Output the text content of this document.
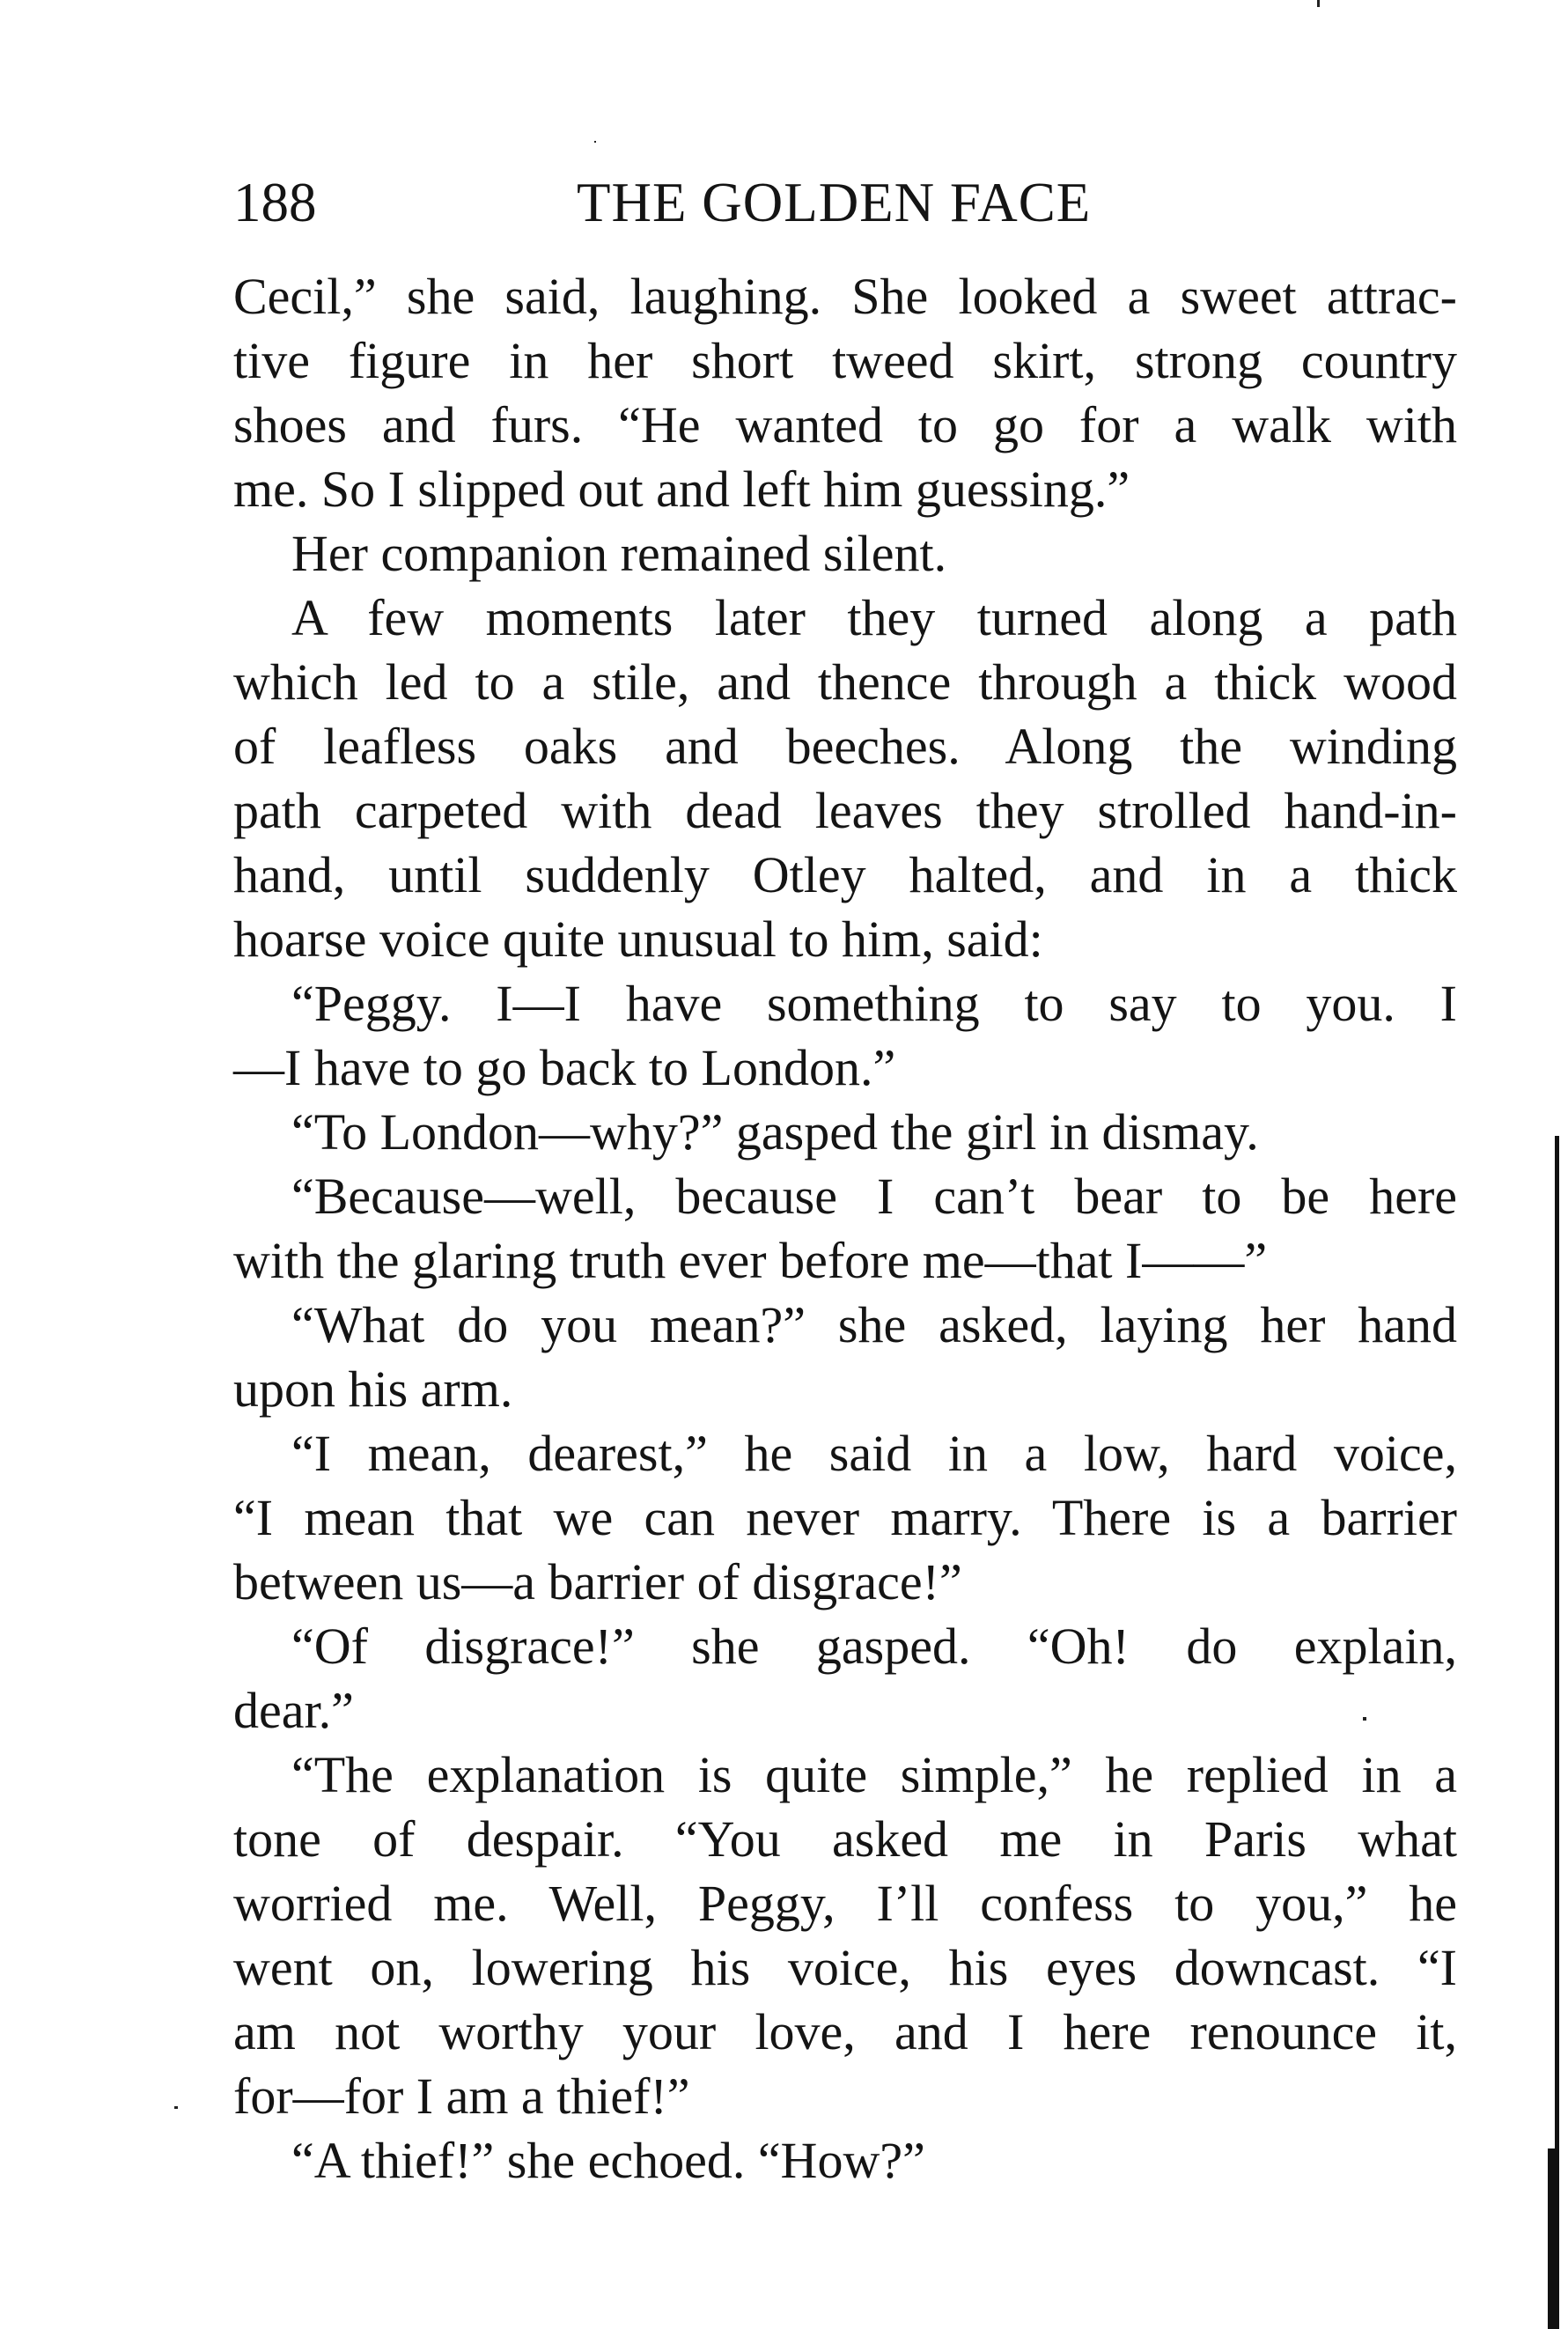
188	THE GOLDEN FACE
Cecil,” she said, laughing. She looked a sweet attrac-
tive figure in her short tweed skirt, strong country
shoes and furs. “He wanted to go for a walk with
me. So I slipped out and left him guessing.”
Her companion remained silent.
A few moments later they turned along a path
which led to a stile, and thence through a thick wood
of leafless oaks and beeches. Along the winding
path carpeted with dead leaves they strolled hand-in-
hand, until suddenly Otley halted, and in a thick
hoarse voice quite unusual to him, said:
“Peggy. I—I have something to say to you. I
—I have to go back to London.”
“To London—why?” gasped the girl in dismay.
“Because—well, because I can’t bear to be here
with the glaring truth ever before me—that I——”
“What do you mean?” she asked, laying her hand
upon his arm.
“I mean, dearest,” he said in a low, hard voice,
“I mean that we can never marry. There is a barrier
between us—a barrier of disgrace!”
“Of disgrace!” she gasped. “Oh! do explain,
dear.”
“The explanation is quite simple,” he replied in a
tone of despair. “You asked me in Paris what
worried me. Well, Peggy, I’ll confess to you,” he
went on, lowering his voice, his eyes downcast. “I
am not worthy your love, and I here renounce it,
for—for I am a thief!”
“A thief!” she echoed. “How?”
